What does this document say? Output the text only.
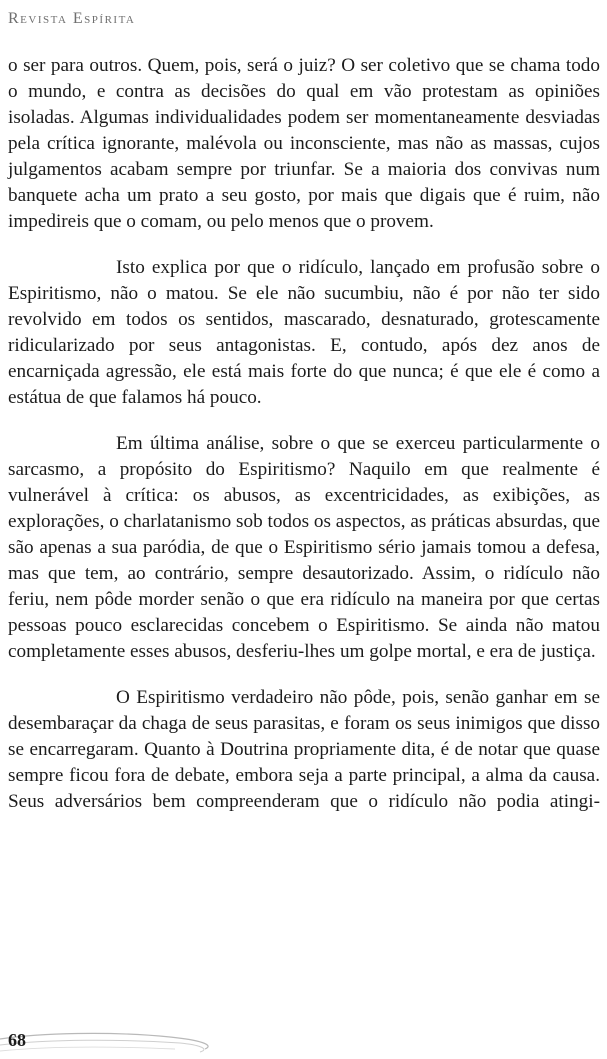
Revista Espírita

o ser para outros. Quem, pois, será o juiz? O ser coletivo que se chama todo o mundo, e contra as decisões do qual em vão protestam as opiniões isoladas. Algumas individualidades podem ser momentaneamente desviadas pela crítica ignorante, malévola ou inconsciente, mas não as massas, cujos julgamentos acabam sempre por triunfar. Se a maioria dos convivas num banquete acha um prato a seu gosto, por mais que digais que é ruim, não impedireis que o comam, ou pelo menos que o provem.

Isto explica por que o ridículo, lançado em profusão sobre o Espiritismo, não o matou. Se ele não sucumbiu, não é por não ter sido revolvido em todos os sentidos, mascarado, desnaturado, grotescamente ridicularizado por seus antagonistas. E, contudo, após dez anos de encarniçada agressão, ele está mais forte do que nunca; é que ele é como a estátua de que falamos há pouco.

Em última análise, sobre o que se exerceu particularmente o sarcasmo, a propósito do Espiritismo? Naquilo em que realmente é vulnerável à crítica: os abusos, as excentricidades, as exibições, as explorações, o charlatanismo sob todos os aspectos, as práticas absurdas, que são apenas a sua paródia, de que o Espiritismo sério jamais tomou a defesa, mas que tem, ao contrário, sempre desautorizado. Assim, o ridículo não feriu, nem pôde morder senão o que era ridículo na maneira por que certas pessoas pouco esclarecidas concebem o Espiritismo. Se ainda não matou completamente esses abusos, desferiu-lhes um golpe mortal, e era de justiça.

O Espiritismo verdadeiro não pôde, pois, senão ganhar em se desembaraçar da chaga de seus parasitas, e foram os seus inimigos que disso se encarregaram. Quanto à Doutrina propriamente dita, é de notar que quase sempre ficou fora de debate, embora seja a parte principal, a alma da causa. Seus adversários bem compreenderam que o ridículo não podia atingi-

68
